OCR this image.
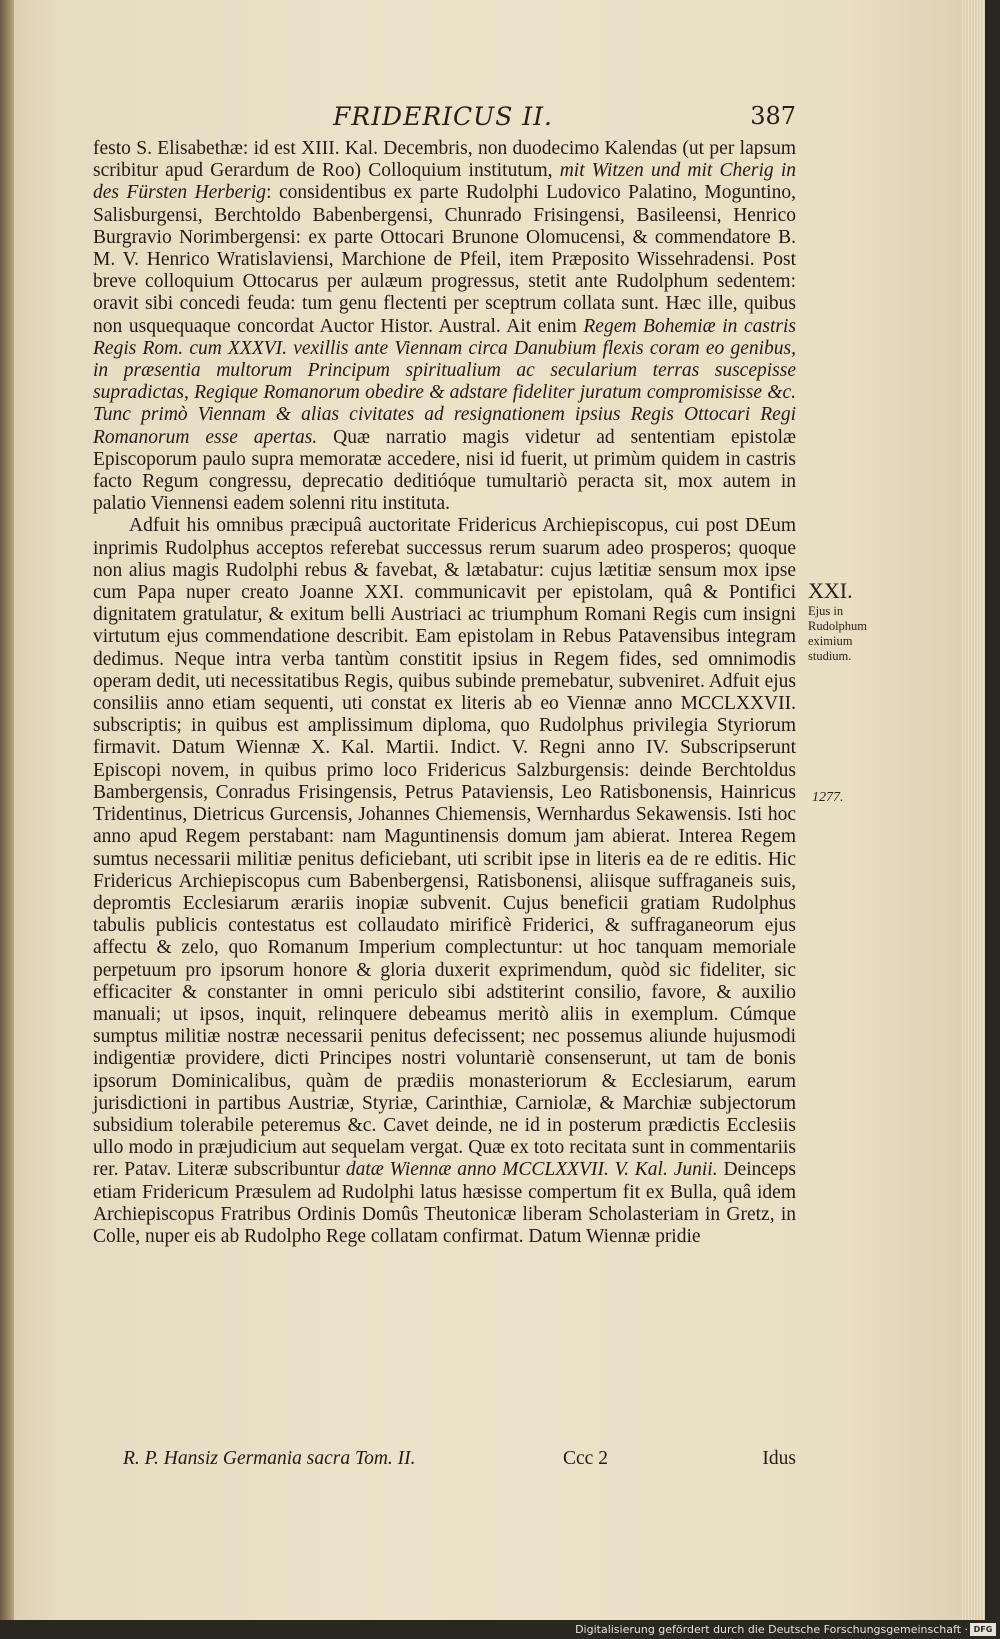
FRIDERICUS II.	387

festo S. Elisabethæ: id est XIII. Kal. Decembris, non duodecimo Kalendas (ut per lapsum scribitur apud Gerardum de Roo) Colloquium institutum, mit Witzen und mit Cherig in des Fürsten Herberig: considentibus ex parte Rudolphi Ludovico Palatino, Moguntino, Salisburgensi, Berchtoldo Babenbergensi, Chunrado Frisingensi, Basileensi, Henrico Burgravio Norimbergensi: ex parte Ottocari Brunone Olomucensi, & commendatore B. M. V. Henrico Wratislaviensi, Marchione de Pfeil, item Præposito Wissehradensi. Post breve colloquium Ottocarus per aulæum progressus, stetit ante Rudolphum sedentem: oravit sibi concedi feuda: tum genu flectenti per sceptrum collata sunt. Hæc ille, quibus non usquequaque concordat Auctor Histor. Austral. Ait enim Regem Bohemiæ in castris Regis Rom. cum XXXVI. vexillis ante Viennam circa Danubium flexis coram eo genibus, in præsentia multorum Principum spiritualium ac secularium terras suscepisse supradictas, Regique Romanorum obedire & adstare fideliter juratum compromisisse &c. Tunc primò Viennam & alias civitates ad resignationem ipsius Regis Ottocari Regi Romanorum esse apertas. Quæ narratio magis videtur ad sententiam epistolæ Episcoporum paulo supra memoratæ accedere, nisi id fuerit, ut primùm quidem in castris facto Regum congressu, deprecatio deditióque tumultariò peracta sit, mox autem in palatio Viennensi eadem solenni ritu instituta.

Adfuit his omnibus præcipuâ auctoritate Fridericus Archiepiscopus, cui post DEum inprimis Rudolphus acceptos referebat successus rerum suarum adeo prosperos; quoque non alius magis Rudolphi rebus & favebat, & lætabatur: cujus lætitiæ sensum mox ipse cum Papa nuper creato Joanne XXI. communicavit per epistolam, quâ & Pontifici dignitatem gratulatur, & exitum belli Austriaci ac triumphum Romani Regis cum insigni virtutum ejus commendatione describit. Eam epistolam in Rebus Patavensibus integram dedimus. Neque intra verba tantùm constitit ipsius in Regem fides, sed omnimodis operam dedit, uti necessitatibus Regis, quibus subinde premebatur, subveniret. Adfuit ejus consiliis anno etiam sequenti, uti constat ex literis ab eo Viennæ anno MCCLXXVII. subscriptis; in quibus est amplissimum diploma, quo Rudolphus privilegia Styriorum firmavit. Datum Wiennæ X. Kal. Martii. Indict. V. Regni anno IV. Subscripserunt Episcopi novem, in quibus primo loco Fridericus Salzburgensis: deinde Berchtoldus Bambergensis, Conradus Frisingensis, Petrus Pataviensis, Leo Ratisbonensis, Hainricus Tridentinus, Dietricus Gurcensis, Johannes Chiemensis, Wernhardus Sekawensis. Isti hoc anno apud Regem perstabant: nam Maguntinensis domum jam abierat. Interea Regem sumtus necessarii militiæ penitus deficiebant, uti scribit ipse in literis ea de re editis. Hic Fridericus Archiepiscopus cum Babenbergensi, Ratisbonensi, aliisque suffraganeis suis, depromtis Ecclesiarum ærariis inopiæ subvenit. Cujus beneficii gratiam Rudolphus tabulis publicis contestatus est collaudato mirificè Friderici, & suffraganeorum ejus affectu & zelo, quo Romanum Imperium complectuntur: ut hoc tanquam memoriale perpetuum pro ipsorum honore & gloria duxerit exprimendum, quòd sic fideliter, sic efficaciter & constanter in omni periculo sibi adstiterint consilio, favore, & auxilio manuali; ut ipsos, inquit, relinquere debeamus meritò aliis in exemplum. Cúmque sumptus militiæ nostræ necessarii penitus defecissent; nec possemus aliunde hujusmodi indigentiæ providere, dicti Principes nostri voluntariè consenserunt, ut tam de bonis ipsorum Dominicalibus, quàm de prædiis monasteriorum & Ecclesiarum, earum jurisdictioni in partibus Austriæ, Styriæ, Carinthiæ, Carniolæ, & Marchiæ subjectorum subsidium tolerabile peteremus &c. Cavet deinde, ne id in posterum prædictis Ecclesiis ullo modo in præjudicium aut sequelam vergat. Quæ ex toto recitata sunt in commentariis rer. Patav. Literæ subscribuntur datæ Wiennæ anno MCCLXXVII. V. Kal. Junii. Deinceps etiam Fridericum Præsulem ad Rudolphi latus hæsisse compertum fit ex Bulla, quâ idem Archiepiscopus Fratribus Ordinis Domûs Theutonicæ liberam Scholasteriam in Gretz, in Colle, nuper eis ab Rudolpho Rege collatam confirmat. Datum Wiennæ pridie

XXI.
Ejus in Rudolphum eximium studium.
1277.
R. P. Hansiz Germania sacra Tom. II.	Ccc 2	Idus
Digitalisierung gefördert durch die Deutsche Forschungsgemeinschaft · DFG
